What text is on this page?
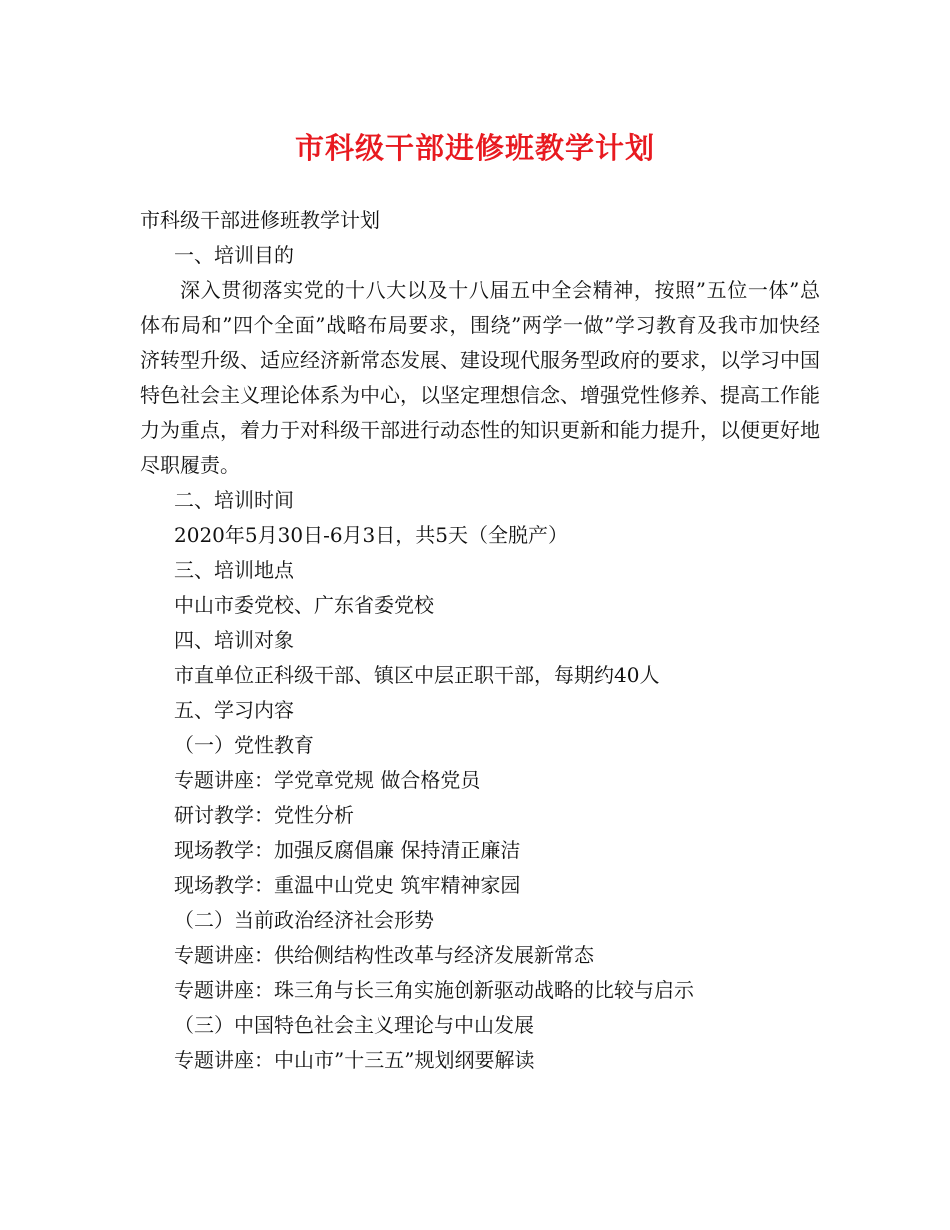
市科级干部进修班教学计划

市科级干部进修班教学计划

一、培训目的

深入贯彻落实党的十八大以及十八届五中全会精神，按照”五位一体”总体布局和”四个全面”战略布局要求，围绕”两学一做”学习教育及我市加快经济转型升级、适应经济新常态发展、建设现代服务型政府的要求，以学习中国特色社会主义理论体系为中心，以坚定理想信念、增强党性修养、提高工作能力为重点，着力于对科级干部进行动态性的知识更新和能力提升，以便更好地尽职履责。

二、培训时间

2020年5月30日-6月3日，共5天（全脱产）

三、培训地点

中山市委党校、广东省委党校

四、培训对象

市直单位正科级干部、镇区中层正职干部，每期约40人

五、学习内容

（一）党性教育

专题讲座：学党章党规 做合格党员

研讨教学：党性分析

现场教学：加强反腐倡廉 保持清正廉洁

现场教学：重温中山党史 筑牢精神家园

（二）当前政治经济社会形势

专题讲座：供给侧结构性改革与经济发展新常态

专题讲座：珠三角与长三角实施创新驱动战略的比较与启示

（三）中国特色社会主义理论与中山发展

专题讲座：中山市”十三五”规划纲要解读
